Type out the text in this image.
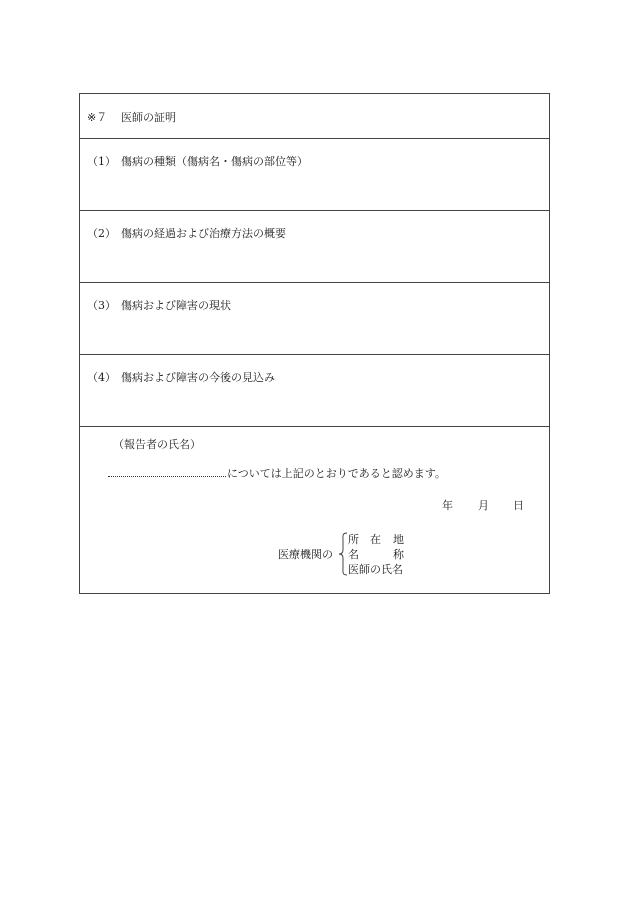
※７ 医師の証明
（1） 傷病の種類（傷病名・傷病の部位等）
（2） 傷病の経過および治療方法の概要
（3） 傷病および障害の現状
（4） 傷病および障害の今後の見込み
（報告者の氏名）
については上記のとおりであると認めます。
年 月 日
医療機関の
所 在 地
名	称
医師の氏名
